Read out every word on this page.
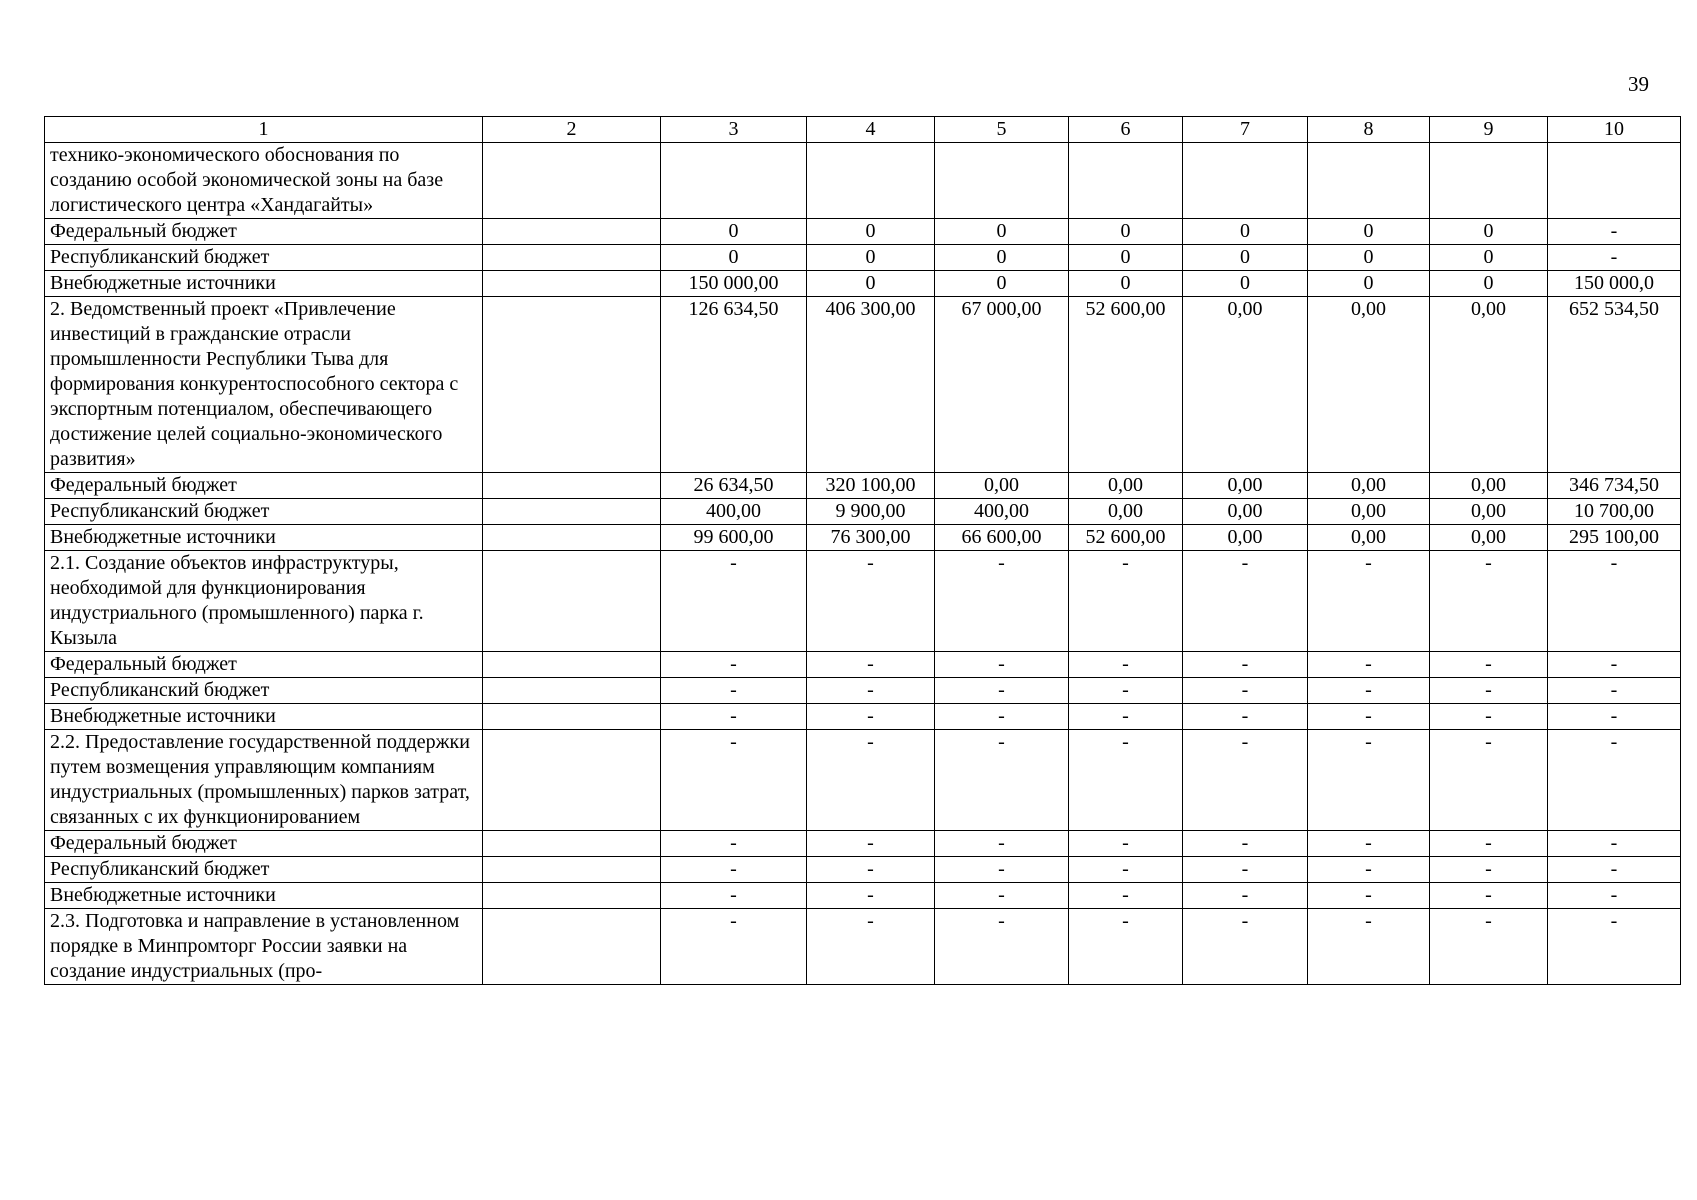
39
1	2	3	4	5	6	7	8	9	10
технико-экономического обоснования по созданию особой экономической зоны на базе логистического центра «Хандагайты»									
Федеральный бюджет		0	0	0	0	0	0	0	-
Республиканский бюджет		0	0	0	0	0	0	0	-
Внебюджетные источники		150 000,00	0	0	0	0	0	0	150 000,0
2. Ведомственный проект «Привлечение инвестиций в гражданские отрасли промышленности Республики Тыва для формирования конкурентоспособного сектора с экспортным потенциалом, обеспечивающего достижение целей социально-экономического развития»		126 634,50	406 300,00	67 000,00	52 600,00	0,00	0,00	0,00	652 534,50
Федеральный бюджет		26 634,50	320 100,00	0,00	0,00	0,00	0,00	0,00	346 734,50
Республиканский бюджет		400,00	9 900,00	400,00	0,00	0,00	0,00	0,00	10 700,00
Внебюджетные источники		99 600,00	76 300,00	66 600,00	52 600,00	0,00	0,00	0,00	295 100,00
2.1. Создание объектов инфраструктуры, необходимой для функционирования индустриального (промышленного) парка г. Кызыла		-	-	-	-	-	-	-	-
Федеральный бюджет		-	-	-	-	-	-	-	-
Республиканский бюджет		-	-	-	-	-	-	-	-
Внебюджетные источники		-	-	-	-	-	-	-	-
2.2. Предоставление государственной поддержки путем возмещения управляющим компаниям индустриальных (промышленных) парков затрат, связанных с их функционированием		-	-	-	-	-	-	-	-
Федеральный бюджет		-	-	-	-	-	-	-	-
Республиканский бюджет		-	-	-	-	-	-	-	-
Внебюджетные источники		-	-	-	-	-	-	-	-
2.3. Подготовка и направление в установленном порядке в Минпромторг России заявки на создание индустриальных (про-		-	-	-	-	-	-	-	-
